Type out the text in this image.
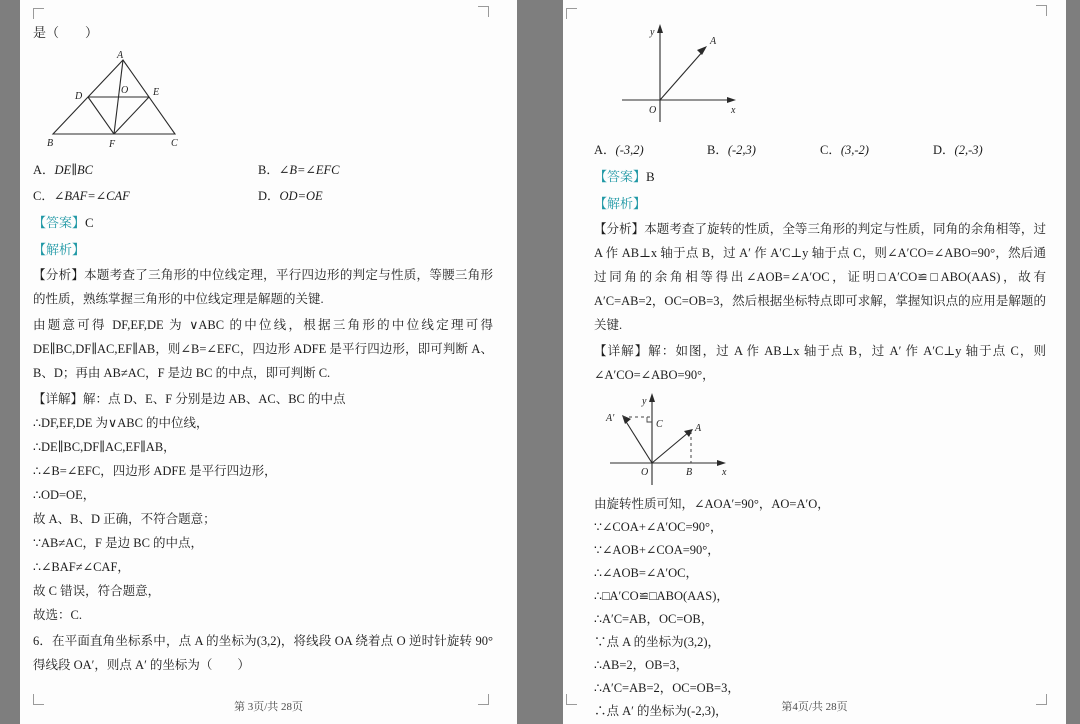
是（　　）
A
D	E
O
B	F	C
A．DE∥BC	B．∠B=∠EFC
C．∠BAF=∠CAF	D．OD=OE
【答案】C
【解析】

【分析】本题考查了三角形的中位线定理，平行四边形的判定与性质，等腰三角形的性质，熟练掌握三角形的中位线定理是解题的关键.

由题意可得 DF,EF,DE 为 ∨ABC 的中位线，根据三角形的中位线定理可得 DE∥BC,DF∥AC,EF∥AB，则∠B=∠EFC，四边形 ADFE 是平行四边形，即可判断 A、B、D；再由 AB≠AC，F 是边 BC 的中点，即可判断 C.

【详解】解：点 D、E、F 分别是边 AB、AC、BC 的中点

∴DF,EF,DE 为∨ABC 的中位线，
∴DE∥BC,DF∥AC,EF∥AB，
∴∠B=∠EFC，四边形 ADFE 是平行四边形，
∴OD=OE，
故 A、B、D 正确，不符合题意；
∵AB≠AC，F 是边 BC 的中点，
∴∠BAF≠∠CAF，
故 C 错误，符合题意，
故选：C.

6．在平面直角坐标系中，点 A 的坐标为(3,2)，将线段 OA 绕着点 O 逆时针旋转 90°得线段 OA′，则点 A′ 的坐标为（　　）

第 3页/共 28页
y
A
O	x
A．(-3,2)	B．(-2,3)	C．(3,-2)	D．(2,-3)
【答案】B
【解析】

【分析】本题考查了旋转的性质，全等三角形的判定与性质，同角的余角相等，过 A 作 AB⊥x 轴于点 B，过 A′ 作 A′C⊥y 轴于点 C，则∠A′CO=∠ABO=90°，然后通过同角的余角相等得出∠AOB=∠A′OC，证明□A′CO≌□ABO(AAS)，故有 A′C=AB=2，OC=OB=3，然后根据坐标特点即可求解，掌握知识点的应用是解题的关键.

【详解】解：如图，过 A 作 AB⊥x 轴于点 B，过 A′ 作 A′C⊥y 轴于点 C，则∠A′CO=∠ABO=90°，

y
A′
C	A
O	B	x
由旋转性质可知，∠AOA′=90°，AO=A′O，
∵∠COA+∠A′OC=90°，
∵∠AOB+∠COA=90°，
∴∠AOB=∠A′OC，
∴□A′CO≌□ABO(AAS)，
∴A′C=AB，OC=OB，
∵点 A 的坐标为(3,2)，
∴AB=2，OB=3，
∴A′C=AB=2，OC=OB=3，
∴点 A′ 的坐标为(-2,3)，	第4页/共 28页
